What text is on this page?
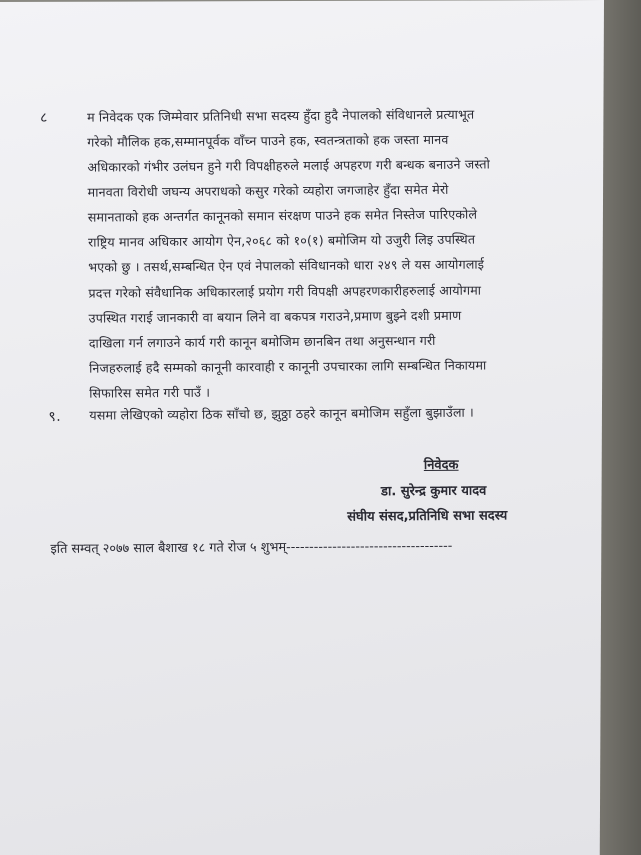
८	म निवेदक एक जिम्मेवार प्रतिनिधी सभा सदस्य हुँदा हुदै नेपालको संविधानले प्रत्याभूत
गरेको मौलिक हक,सम्मानपूर्वक वाँच्न पाउने हक, स्वतन्त्रताको हक जस्ता मानव
अधिकारको गंभीर उलंघन हुने गरी विपक्षीहरुले मलाई अपहरण गरी बन्धक बनाउने जस्तो
मानवता विरोधी जघन्य अपराधको कसुर गरेको व्यहोरा जगजाहेर हुँदा समेत मेरो
समानताको हक अन्तर्गत कानूनको समान संरक्षण पाउने हक समेत निस्तेज पारिएकोले
राष्ट्रिय मानव अधिकार आयोग ऐन,२०६८ को १०(१) बमोजिम यो उजुरी लिइ उपस्थित
भएको छु । तसर्थ,सम्बन्धित ऐन एवं नेपालको संविधानको धारा २४९ ले यस आयोगलाई
प्रदत्त गरेको संवैधानिक अधिकारलाई प्रयोग गरी विपक्षी अपहरणकारीहरुलाई आयोगमा
उपस्थित गराई जानकारी वा बयान लिने वा बकपत्र गराउने,प्रमाण बुझ्ने दशी प्रमाण
दाखिला गर्न लगाउने कार्य गरी कानून बमोजिम छानबिन तथा अनुसन्धान गरी
निजहरुलाई हदै सम्मको कानूनी कारवाही र कानूनी उपचारका लागि सम्बन्धित निकायमा
सिफारिस समेत गरी पाउँ ।
९. यसमा लेखिएको व्यहोरा ठिक साँचो छ, झुठ्ठा ठहरे कानून बमोजिम सहुँला बुझाउँला ।
निवेदक
डा. सुरेन्द्र कुमार यादव
संघीय संसद,प्रतिनिधि सभा सदस्य
इति सम्वत् २०७७ साल बैशाख १८ गते रोज ५ शुभम्------------------------------------
